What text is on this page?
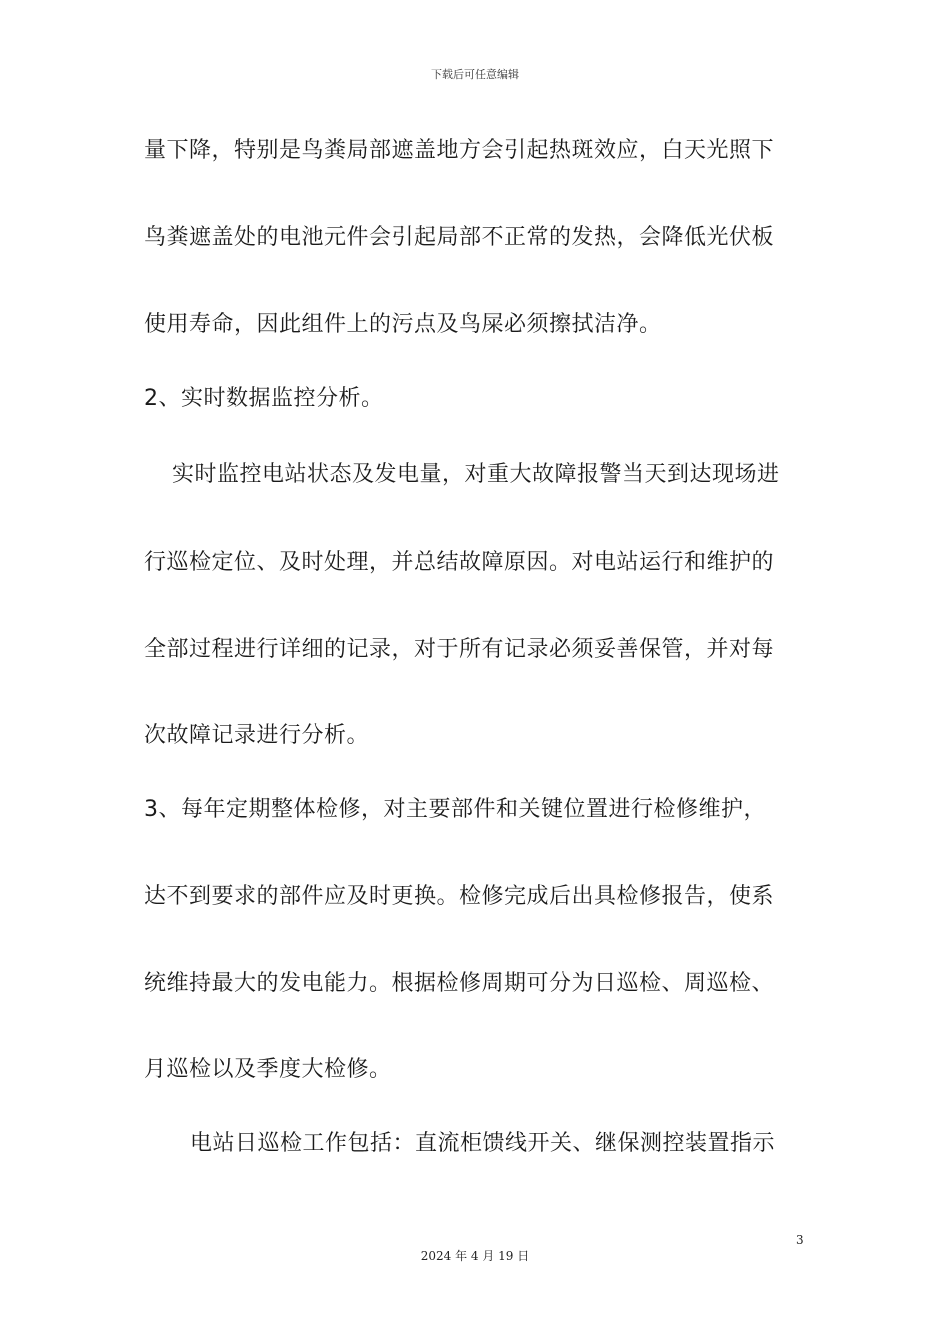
下载后可任意编辑
量下降，特别是鸟粪局部遮盖地方会引起热斑效应，白天光照下
鸟粪遮盖处的电池元件会引起局部不正常的发热，会降低光伏板
使用寿命，因此组件上的污点及鸟屎必须擦拭洁净。
2、实时数据监控分析。
实时监控电站状态及发电量，对重大故障报警当天到达现场进
行巡检定位、及时处理，并总结故障原因。对电站运行和维护的
全部过程进行详细的记录，对于所有记录必须妥善保管，并对每
次故障记录进行分析。
3、每年定期整体检修，对主要部件和关键位置进行检修维护，
达不到要求的部件应及时更换。检修完成后出具检修报告，使系
统维持最大的发电能力。根据检修周期可分为日巡检、周巡检、
月巡检以及季度大检修。
电站日巡检工作包括：直流柜馈线开关、继保测控装置指示
3
2024 年 4 月 19 日
